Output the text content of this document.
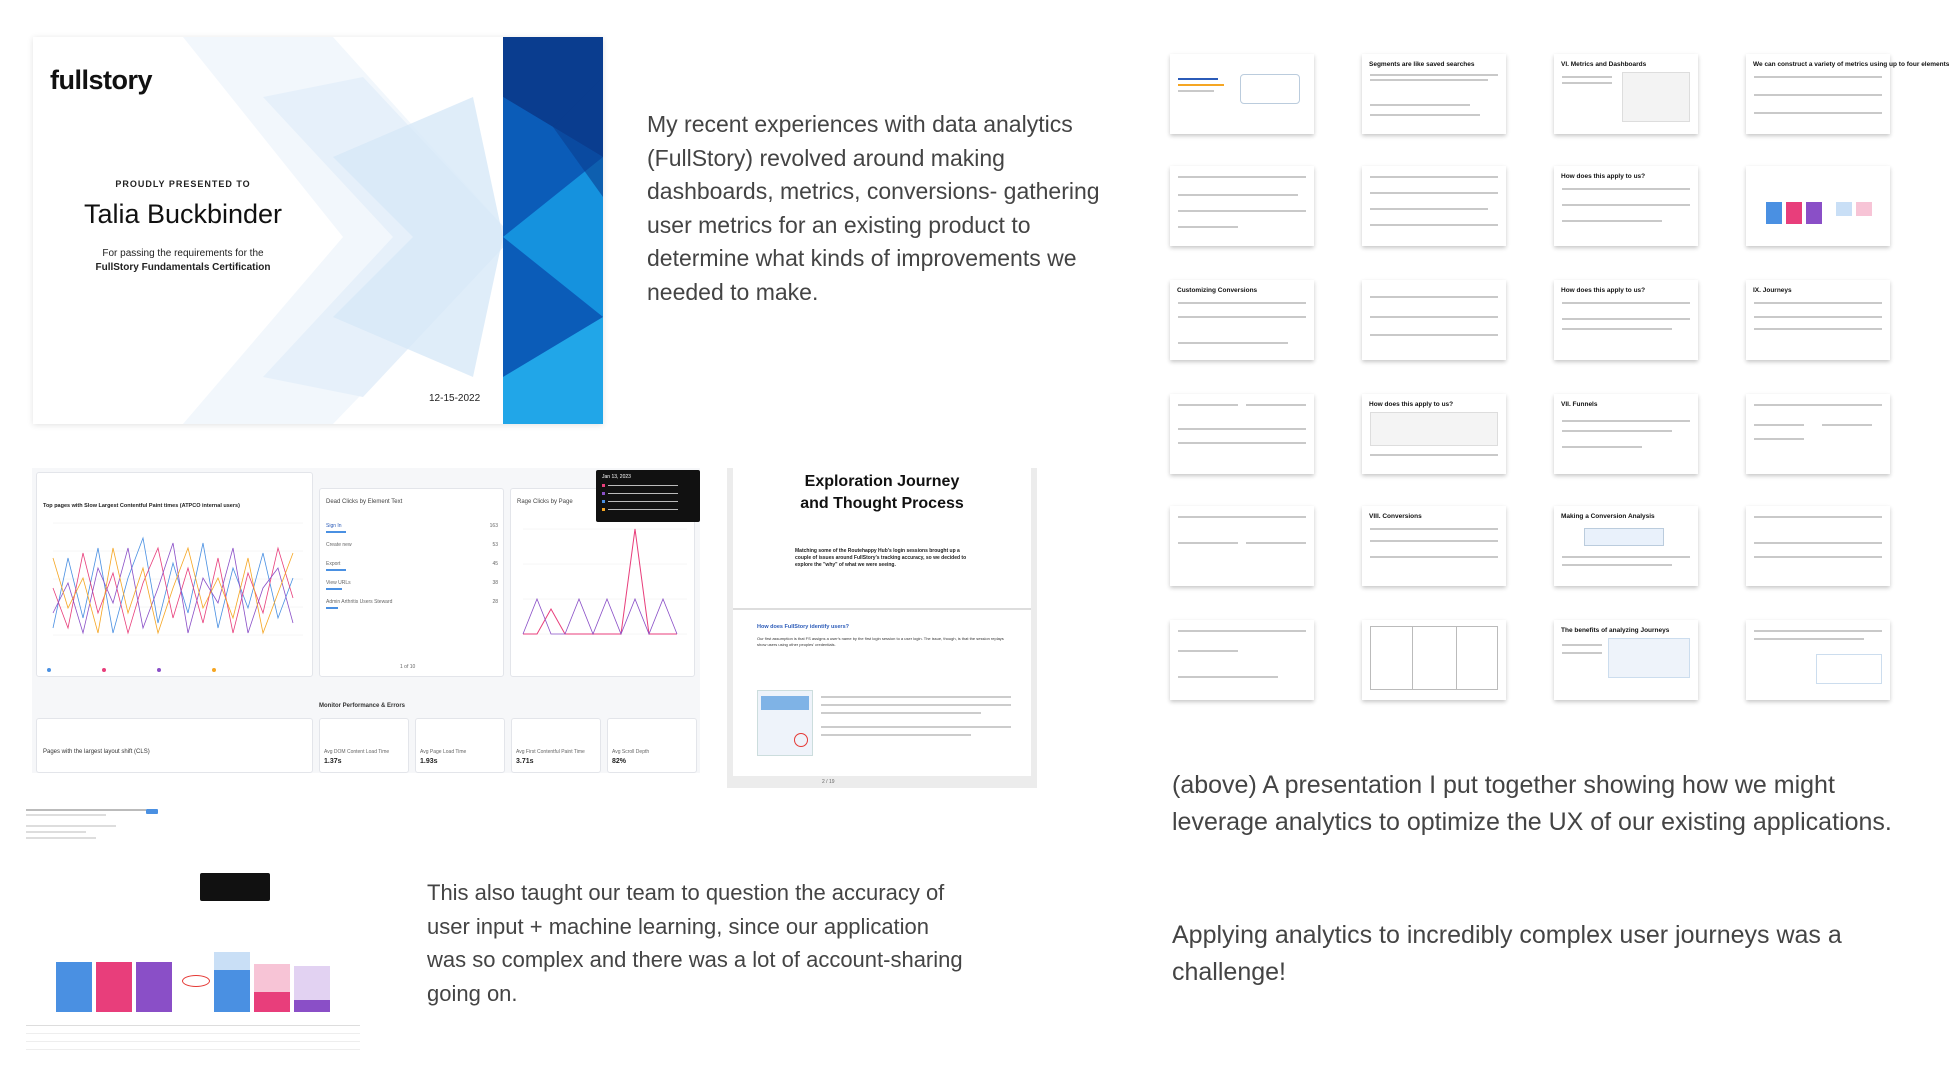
fullstory
PROUDLY PRESENTED TO
Talia Buckbinder
For passing the requirements for the
FullStory Fundamentals Certification
12-15-2022
My recent experiences with data analytics (FullStory) revolved around making dashboards, metrics, conversions- gathering user metrics for an existing product to determine what kinds of improvements we needed to make.
This also taught our team to question the accuracy of user input + machine learning, since our application was so complex and there was a lot of account-sharing going on.
(above) A presentation I put together showing how we might leverage analytics to optimize the UX of our existing applications.
Applying analytics to incredibly complex user journeys was a challenge!
Top pages with Slow Largest Contentful Paint times (ATPCO internal users)
Dead Clicks by Element Text
Sign In	163
Create new	53
Export	45
View URLs	38
Admin Arthritis Users Steward	28
1 of 10
Rage Clicks by Page
Jan 13, 2023
Pages with the largest layout shift (CLS)
Monitor Performance & Errors
Avg DOM Content Load Time
1.37s
Avg Page Load Time
1.93s
Avg First Contentful Paint Time
3.71s
Avg Scroll Depth
82%
Exploration Journey
and Thought Process
Matching some of the Routehappy Hub's login sessions brought up a couple of issues around FullStory's tracking accuracy, so we decided to explore the "why" of what we were seeing.
How does FullStory identify users?
Our first assumption is that FS assigns a user's name by the first login session to a user login. The issue, though, is that the session replays show users using other peoples' credentials.
2 / 19
Segments are like saved searches	VI. Metrics and Dashboards	We can construct a variety of metrics using up to four elements
How does this apply to us?
Customizing Conversions	How does this apply to us?	IX. Journeys
How does this apply to us?	VII. Funnels
VIII. Conversions	Making a Conversion Analysis
The benefits of analyzing Journeys
